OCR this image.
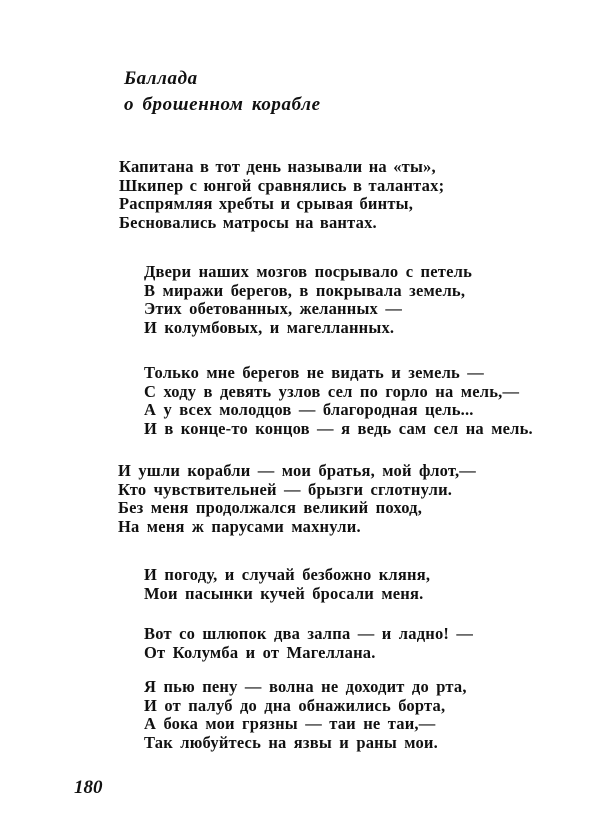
Баллада
о брошенном корабле
Капитана в тот день называли на «ты»,
Шкипер с юнгой сравнялись в талантах;
Распрямляя хребты и срывая бинты,
Бесновались матросы на вантах.
Двери наших мозгов посрывало с петель
В миражи берегов, в покрывала земель,
Этих обетованных, желанных —
И колумбовых, и магелланных.
Только мне берегов не видать и земель —
С ходу в девять узлов сел по горло на мель,—
А у всех молодцов — благородная цель...
И в конце-то концов — я ведь сам сел на мель.
И ушли корабли — мои братья, мой флот,—
Кто чувствительней — брызги сглотнули.
Без меня продолжался великий поход,
На меня ж парусами махнули.
И погоду, и случай безбожно кляня,
Мои пасынки кучей бросали меня.
Вот со шлюпок два залпа — и ладно! —
От Колумба и от Магеллана.
Я пью пену — волна не доходит до рта,
И от палуб до дна обнажились борта,
А бока мои грязны — таи не таи,—
Так любуйтесь на язвы и раны мои.
180
